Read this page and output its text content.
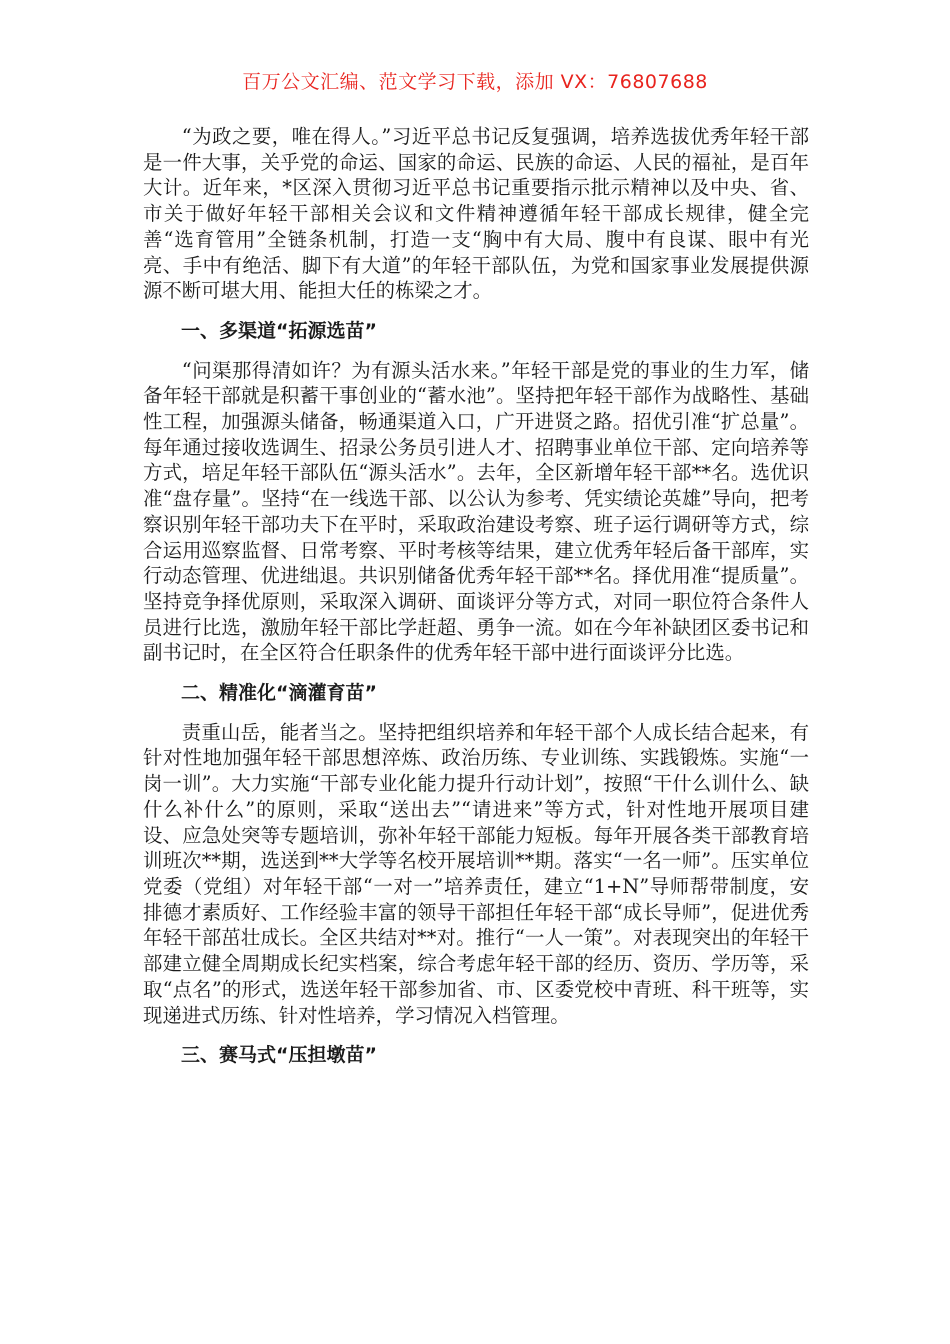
百万公文汇编、范文学习下载，添加 VX：76807688

“为政之要，唯在得人。”习近平总书记反复强调，培养选拔优秀年轻干部是一件大事，关乎党的命运、国家的命运、民族的命运、人民的福祉，是百年大计。近年来，*区深入贯彻习近平总书记重要指示批示精神以及中央、省、市关于做好年轻干部相关会议和文件精神遵循年轻干部成长规律，健全完善“选育管用”全链条机制，打造一支“胸中有大局、腹中有良谋、眼中有光亮、手中有绝活、脚下有大道”的年轻干部队伍，为党和国家事业发展提供源源不断可堪大用、能担大任的栋梁之才。

一、多渠道“拓源选苗”

“问渠那得清如许？为有源头活水来。”年轻干部是党的事业的生力军，储备年轻干部就是积蓄干事创业的“蓄水池”。坚持把年轻干部作为战略性、基础性工程，加强源头储备，畅通渠道入口，广开进贤之路。招优引准“扩总量”。每年通过接收选调生、招录公务员引进人才、招聘事业单位干部、定向培养等方式，培足年轻干部队伍“源头活水”。去年，全区新增年轻干部**名。选优识准“盘存量”。坚持“在一线选干部、以公认为参考、凭实绩论英雄”导向，把考察识别年轻干部功夫下在平时，采取政治建设考察、班子运行调研等方式，综合运用巡察监督、日常考察、平时考核等结果，建立优秀年轻后备干部库，实行动态管理、优进绌退。共识别储备优秀年轻干部**名。择优用准“提质量”。坚持竞争择优原则，采取深入调研、面谈评分等方式，对同一职位符合条件人员进行比选，激励年轻干部比学赶超、勇争一流。如在今年补缺团区委书记和副书记时，在全区符合任职条件的优秀年轻干部中进行面谈评分比选。

二、精准化“滴灌育苗”

责重山岳，能者当之。坚持把组织培养和年轻干部个人成长结合起来，有针对性地加强年轻干部思想淬炼、政治历练、专业训练、实践锻炼。实施“一岗一训”。大力实施“干部专业化能力提升行动计划”，按照“干什么训什么、缺什么补什么”的原则，采取“送出去”“请进来”等方式，针对性地开展项目建设、应急处突等专题培训，弥补年轻干部能力短板。每年开展各类干部教育培训班次**期，选送到**大学等名校开展培训**期。落实“一名一师”。压实单位党委（党组）对年轻干部“一对一”培养责任，建立“1+N”导师帮带制度，安排德才素质好、工作经验丰富的领导干部担任年轻干部“成长导师”，促进优秀年轻干部茁壮成长。全区共结对**对。推行“一人一策”。对表现突出的年轻干部建立健全周期成长纪实档案，综合考虑年轻干部的经历、资历、学历等，采取“点名”的形式，选送年轻干部参加省、市、区委党校中青班、科干班等，实现递进式历练、针对性培养，学习情况入档管理。

三、赛马式“压担墩苗”
